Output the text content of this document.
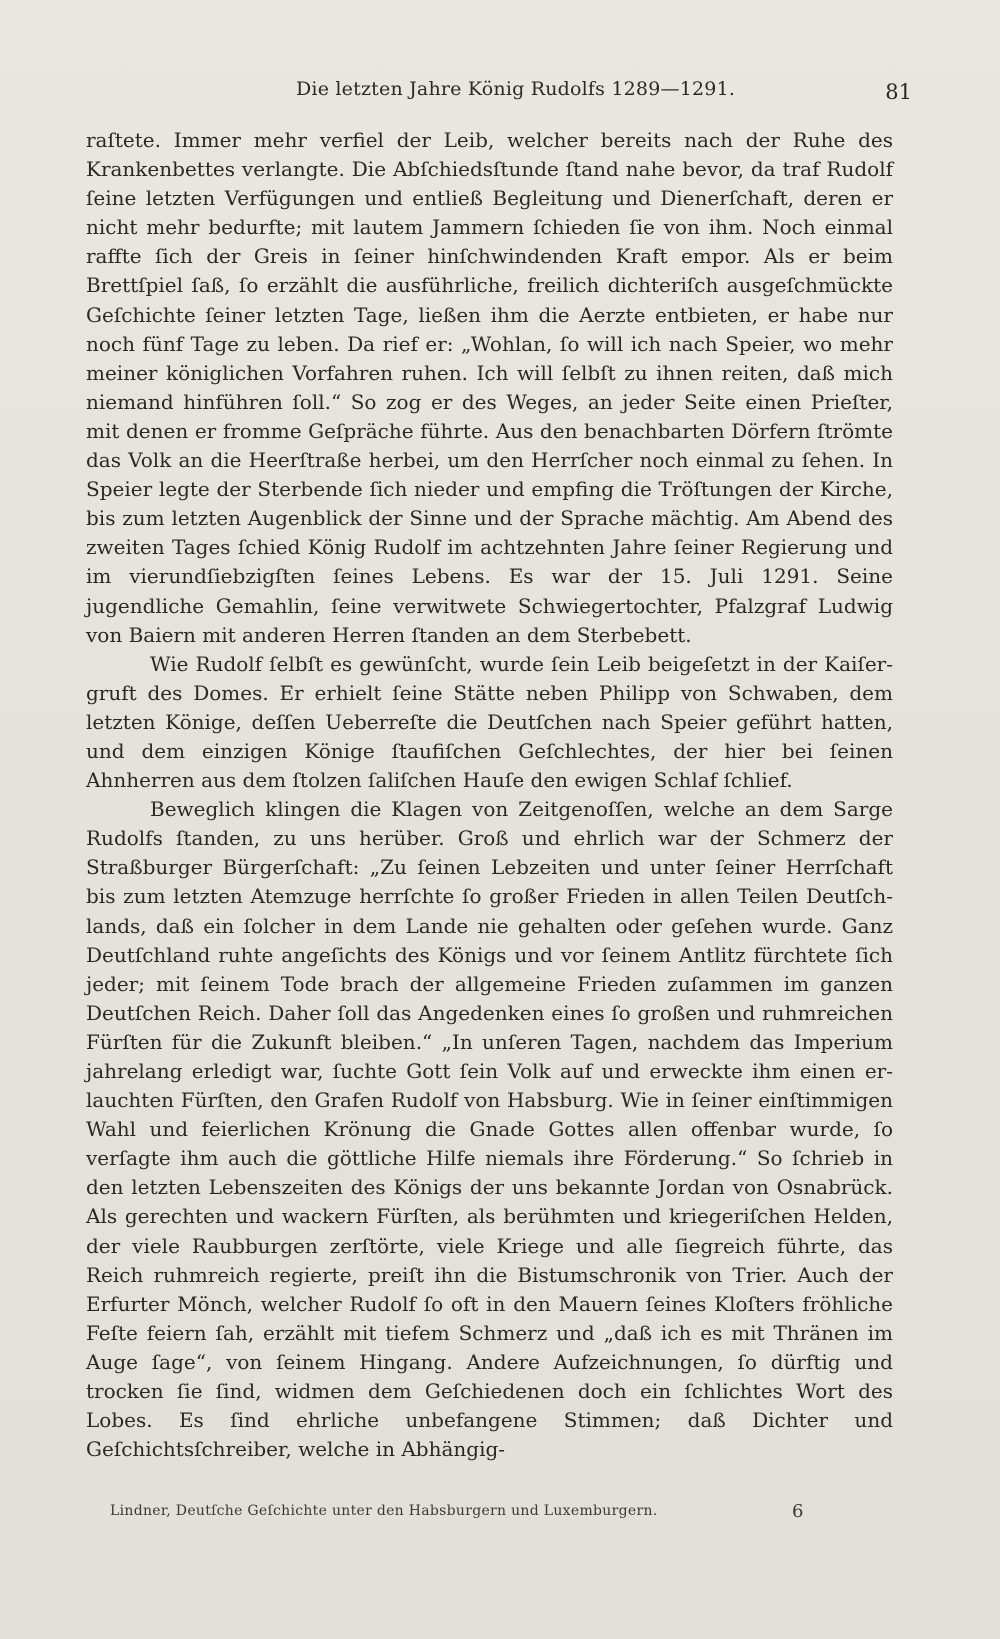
Die letzten Jahre König Rudolfs 1289—1291.	81

raſtete. Immer mehr verfiel der Leib, welcher bereits nach der Ruhe des Krankenbettes verlangte. Die Abſchiedsſtunde ſtand nahe bevor, da traf Rudolf ſeine letzten Verfügungen und entließ Begleitung und Dienerſchaft, deren er nicht mehr bedurfte; mit lautem Jammern ſchieden ſie von ihm. Noch einmal raffte ſich der Greis in ſeiner hinſchwindenden Kraft empor. Als er beim Brettſpiel ſaß, ſo erzählt die ausführliche, freilich dichteriſch ausgeſchmückte Geſchichte ſeiner letzten Tage, ließen ihm die Aerzte entbieten, er habe nur noch fünf Tage zu leben. Da rief er: „Wohlan, ſo will ich nach Speier, wo mehr meiner königlichen Vorfahren ruhen. Ich will ſelbſt zu ihnen reiten, daß mich niemand hinführen ſoll.“ So zog er des Weges, an jeder Seite einen Prieſter, mit denen er fromme Geſpräche führte. Aus den benachbarten Dörfern ſtrömte das Volk an die Heerſtraße herbei, um den Herrſcher noch einmal zu ſehen. In Speier legte der Sterbende ſich nieder und empfing die Tröſtungen der Kirche, bis zum letzten Augenblick der Sinne und der Sprache mächtig. Am Abend des zweiten Tages ſchied König Rudolf im achtzehnten Jahre ſeiner Regierung und im vierundſiebzigſten ſeines Lebens. Es war der 15. Juli 1291. Seine jugendliche Gemahlin, ſeine verwitwete Schwiegertochter, Pfalzgraf Ludwig von Baiern mit anderen Herren ſtanden an dem Sterbebett.

Wie Rudolf ſelbſt es gewünſcht, wurde ſein Leib beigeſetzt in der Kaiſergruft des Domes. Er erhielt ſeine Stätte neben Philipp von Schwaben, dem letzten Könige, deſſen Ueberreſte die Deutſchen nach Speier geführt hatten, und dem einzigen Könige ſtaufiſchen Geſchlechtes, der hier bei ſeinen Ahnherren aus dem ſtolzen ſaliſchen Hauſe den ewigen Schlaf ſchlief.

Beweglich klingen die Klagen von Zeitgenoſſen, welche an dem Sarge Rudolfs ſtanden, zu uns herüber. Groß und ehrlich war der Schmerz der Straßburger Bürgerſchaft: „Zu ſeinen Lebzeiten und unter ſeiner Herrſchaft bis zum letzten Atemzuge herrſchte ſo großer Frieden in allen Teilen Deutſchlands, daß ein ſolcher in dem Lande nie gehalten oder geſehen wurde. Ganz Deutſchland ruhte angeſichts des Königs und vor ſeinem Antlitz fürchtete ſich jeder; mit ſeinem Tode brach der allgemeine Frieden zuſammen im ganzen Deutſchen Reich. Daher ſoll das Angedenken eines ſo großen und ruhmreichen Fürſten für die Zukunft bleiben.“ „In unſeren Tagen, nachdem das Imperium jahrelang erledigt war, ſuchte Gott ſein Volk auf und erweckte ihm einen erlauchten Fürſten, den Grafen Rudolf von Habsburg. Wie in ſeiner einſtimmigen Wahl und feierlichen Krönung die Gnade Gottes allen offenbar wurde, ſo verſagte ihm auch die göttliche Hilfe niemals ihre Förderung.“ So ſchrieb in den letzten Lebenszeiten des Königs der uns bekannte Jordan von Osnabrück. Als gerechten und wackern Fürſten, als berühmten und kriegeriſchen Helden, der viele Raubburgen zerſtörte, viele Kriege und alle ſiegreich führte, das Reich ruhmreich regierte, preiſt ihn die Bistumschronik von Trier. Auch der Erfurter Mönch, welcher Rudolf ſo oft in den Mauern ſeines Kloſters fröhliche Feſte feiern ſah, erzählt mit tiefem Schmerz und „daß ich es mit Thränen im Auge ſage“, von ſeinem Hingang. Andere Aufzeichnungen, ſo dürftig und trocken ſie ſind, widmen dem Geſchiedenen doch ein ſchlichtes Wort des Lobes. Es ſind ehrliche unbefangene Stimmen; daß Dichter und Geſchichtsſchreiber, welche in Abhängig-

Lindner, Deutſche Geſchichte unter den Habsburgern und Luxemburgern.	6
